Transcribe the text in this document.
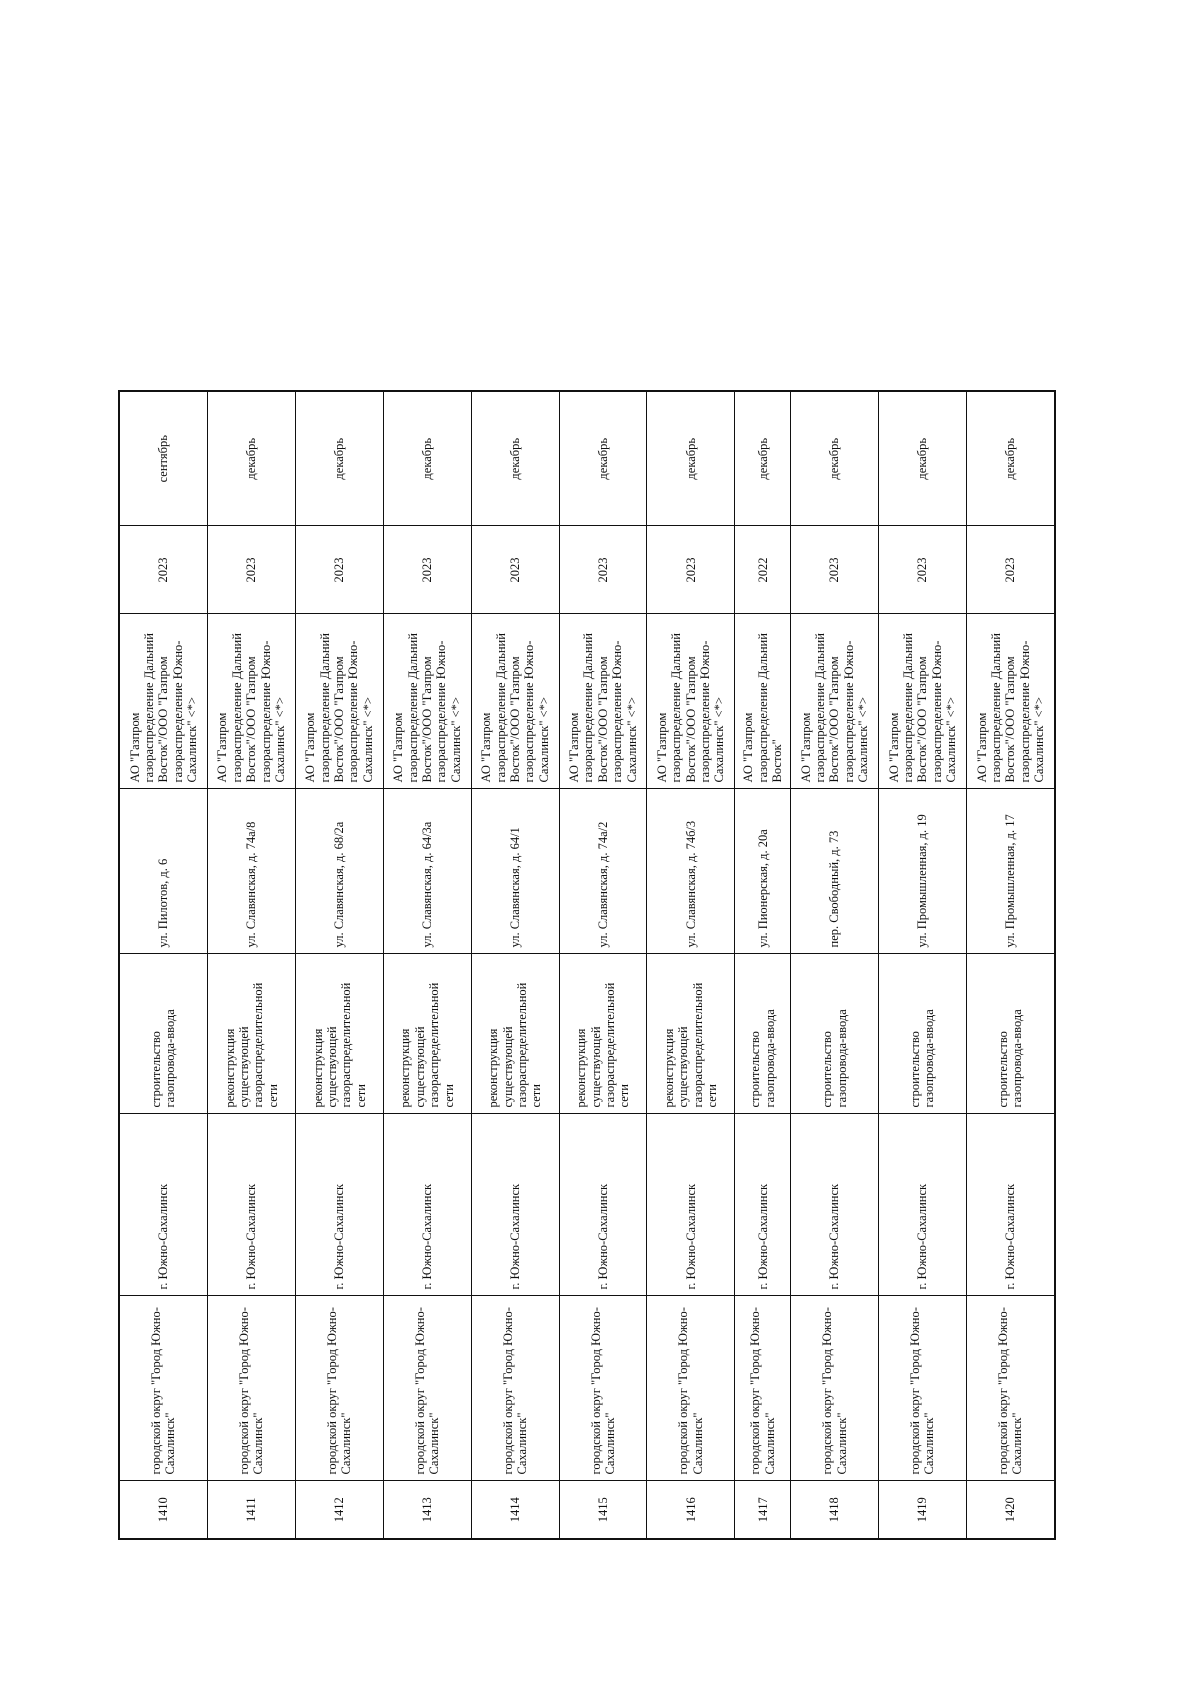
1410	городской округ "Город Южно-Сахалинск"	г. Южно-Сахалинск	строительство газопровода-ввода	ул. Пилотов, д. 6	АО "Газпром газораспределение Дальний Восток"/ООО "Газпром газораспределение Южно-Сахалинск" <*>	2023	сентябрь
1411	городской округ "Город Южно-Сахалинск"	г. Южно-Сахалинск	реконструкция существующей газораспределительной сети	ул. Славянская, д. 74а/8	АО "Газпром газораспределение Дальний Восток"/ООО "Газпром газораспределение Южно-Сахалинск" <*>	2023	декабрь
1412	городской округ "Город Южно-Сахалинск"	г. Южно-Сахалинск	реконструкция существующей газораспределительной сети	ул. Славянская, д. 68/2а	АО "Газпром газораспределение Дальний Восток"/ООО "Газпром газораспределение Южно-Сахалинск" <*>	2023	декабрь
1413	городской округ "Город Южно-Сахалинск"	г. Южно-Сахалинск	реконструкция существующей газораспределительной сети	ул. Славянская, д. 64/3а	АО "Газпром газораспределение Дальний Восток"/ООО "Газпром газораспределение Южно-Сахалинск" <*>	2023	декабрь
1414	городской округ "Город Южно-Сахалинск"	г. Южно-Сахалинск	реконструкция существующей газораспределительной сети	ул. Славянская, д. 64/1	АО "Газпром газораспределение Дальний Восток"/ООО "Газпром газораспределение Южно-Сахалинск" <*>	2023	декабрь
1415	городской округ "Город Южно-Сахалинск"	г. Южно-Сахалинск	реконструкция существующей газораспределительной сети	ул. Славянская, д. 74а/2	АО "Газпром газораспределение Дальний Восток"/ООО "Газпром газораспределение Южно-Сахалинск" <*>	2023	декабрь
1416	городской округ "Город Южно-Сахалинск"	г. Южно-Сахалинск	реконструкция существующей газораспределительной сети	ул. Славянская, д. 74б/3	АО "Газпром газораспределение Дальний Восток"/ООО "Газпром газораспределение Южно-Сахалинск" <*>	2023	декабрь
1417	городской округ "Город Южно-Сахалинск"	г. Южно-Сахалинск	строительство газопровода-ввода	ул. Пионерская, д. 20а	АО "Газпром газораспределение Дальний Восток"	2022	декабрь
1418	городской округ "Город Южно-Сахалинск"	г. Южно-Сахалинск	строительство газопровода-ввода	пер. Свободный, д. 73	АО "Газпром газораспределение Дальний Восток"/ООО "Газпром газораспределение Южно-Сахалинск" <*>	2023	декабрь
1419	городской округ "Город Южно-Сахалинск"	г. Южно-Сахалинск	строительство газопровода-ввода	ул. Промышленная, д. 19	АО "Газпром газораспределение Дальний Восток"/ООО "Газпром газораспределение Южно-Сахалинск" <*>	2023	декабрь
1420	городской округ "Город Южно-Сахалинск"	г. Южно-Сахалинск	строительство газопровода-ввода	ул. Промышленная, д. 17	АО "Газпром газораспределение Дальний Восток"/ООО "Газпром газораспределение Южно-Сахалинск" <*>	2023	декабрь
